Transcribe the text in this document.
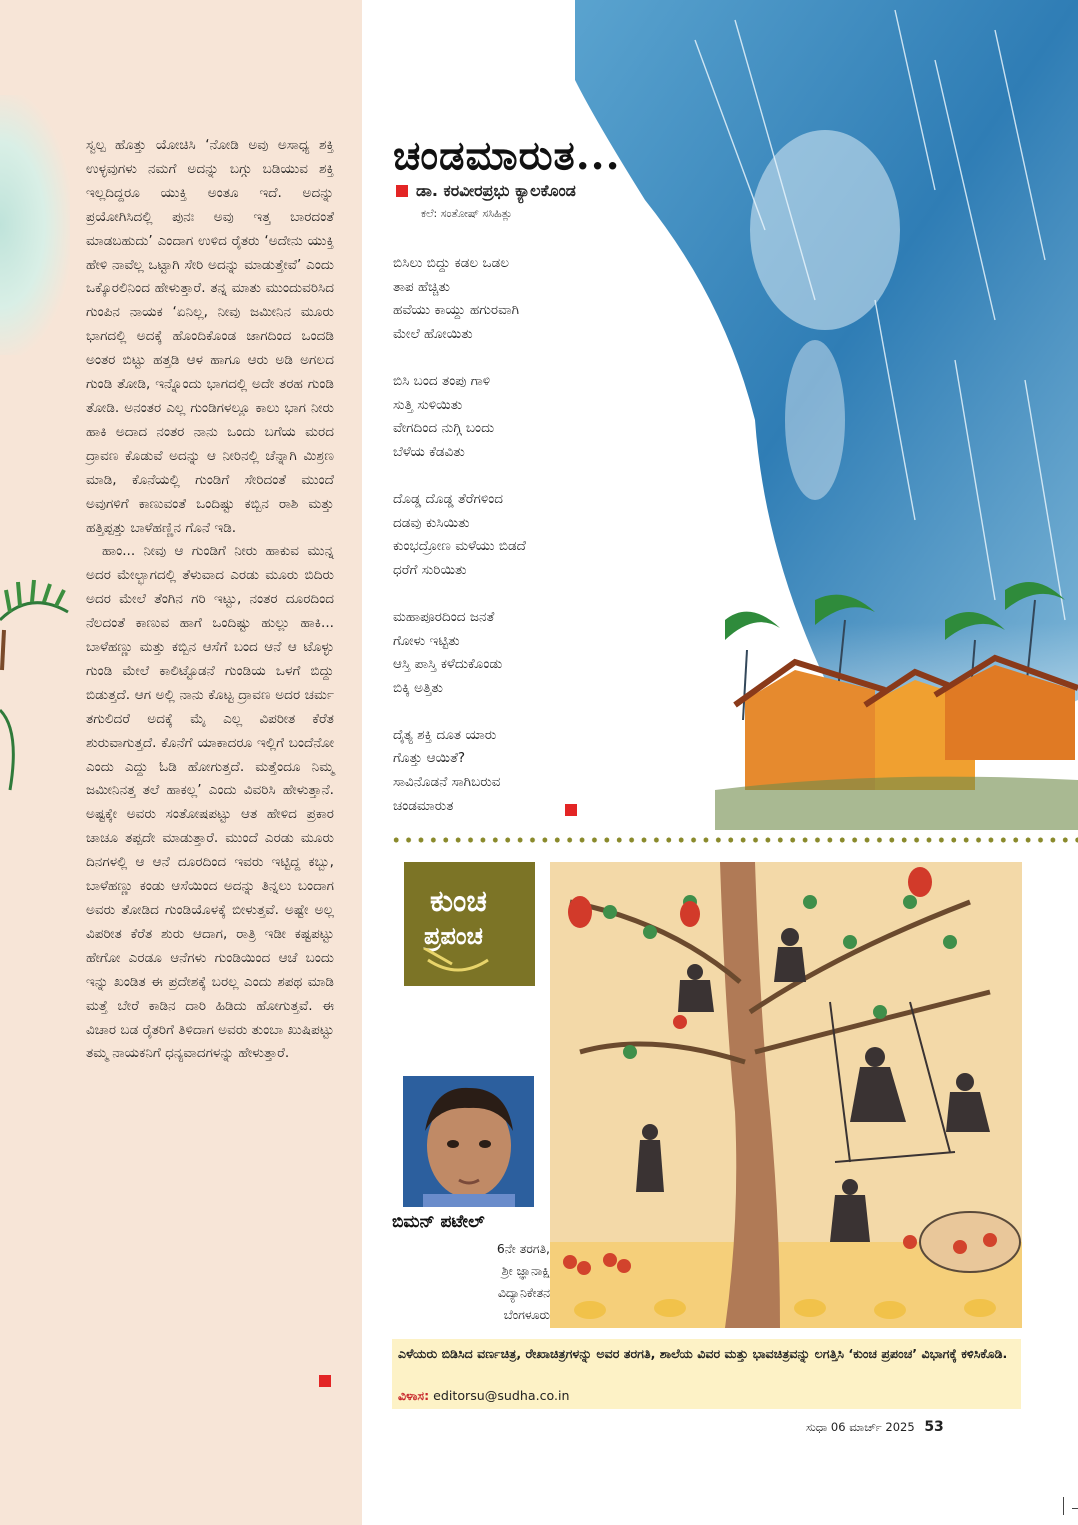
ಸ್ವಲ್ಪ ಹೊತ್ತು ಯೋಚಿಸಿ ‘ನೋಡಿ ಅವು ಅಸಾಧ್ಯ ಶಕ್ತಿ ಉಳ್ಳವುಗಳು ನಮಗೆ ಅದನ್ನು ಬಗ್ಗು ಬಡಿಯುವ ಶಕ್ತಿ ಇಲ್ಲದಿದ್ದರೂ ಯುಕ್ತಿ ಅಂತೂ ಇದೆ. ಅದನ್ನು ಪ್ರಯೋಗಿಸಿದಲ್ಲಿ ಪುನಃ ಅವು ಇತ್ತ ಬಾರದಂತೆ ಮಾಡಬಹುದು’ ಎಂದಾಗ ಉಳಿದ ರೈತರು ‘ಅದೇನು ಯುಕ್ತಿ ಹೇಳಿ ನಾವೆಲ್ಲ ಒಟ್ಟಾಗಿ ಸೇರಿ ಅದನ್ನು ಮಾಡುತ್ತೇವೆ’ ಎಂದು ಒಕ್ಕೊರಲಿನಿಂದ ಹೇಳುತ್ತಾರೆ. ತನ್ನ ಮಾತು ಮುಂದುವರಿಸಿದ ಗುಂಪಿನ ನಾಯಕ ‘ಏನಿಲ್ಲ, ನೀವು ಜಮೀನಿನ ಮೂರು ಭಾಗದಲ್ಲಿ ಅದಕ್ಕೆ ಹೊಂದಿಕೊಂಡ ಜಾಗದಿಂದ ಒಂದಡಿ ಅಂತರ ಬಿಟ್ಟು ಹತ್ತಡಿ ಆಳ ಹಾಗೂ ಆರು ಅಡಿ ಅಗಲದ ಗುಂಡಿ ತೋಡಿ, ಇನ್ನೊಂದು ಭಾಗದಲ್ಲಿ ಅದೇ ತರಹ ಗುಂಡಿ ತೋಡಿ. ಅನಂತರ ಎಲ್ಲ ಗುಂಡಿಗಳಲ್ಲೂ ಕಾಲು ಭಾಗ ನೀರು ಹಾಕಿ ಅದಾದ ನಂತರ ನಾನು ಒಂದು ಬಗೆಯ ಮರದ ದ್ರಾವಣ ಕೊಡುವೆ ಅದನ್ನು ಆ ನೀರಿನಲ್ಲಿ ಚೆನ್ನಾಗಿ ಮಿಶ್ರಣ ಮಾಡಿ, ಕೊನೆಯಲ್ಲಿ ಗುಂಡಿಗೆ ಸೇರಿದಂತೆ ಮುಂದೆ ಅವುಗಳಿಗೆ ಕಾಣುವಂತೆ ಒಂದಿಷ್ಟು ಕಬ್ಬಿನ ರಾಶಿ ಮತ್ತು ಹತ್ತಿಪ್ಪತ್ತು ಬಾಳೆಹಣ್ಣಿನ ಗೊನೆ ಇಡಿ.

ಹಾಂ... ನೀವು ಆ ಗುಂಡಿಗೆ ನೀರು ಹಾಕುವ ಮುನ್ನ ಅದರ ಮೇಲ್ಭಾಗದಲ್ಲಿ ತೆಳುವಾದ ಎರಡು ಮೂರು ಬಿದಿರು ಅದರ ಮೇಲೆ ತೆಂಗಿನ ಗರಿ ಇಟ್ಟು, ನಂತರ ದೂರದಿಂದ ನೆಲದಂತೆ ಕಾಣುವ ಹಾಗೆ ಒಂದಿಷ್ಟು ಹುಲ್ಲು ಹಾಕಿ... ಬಾಳೆಹಣ್ಣು ಮತ್ತು ಕಬ್ಬಿನ ಆಸೆಗೆ ಬಂದ ಆನೆ ಆ ಟೊಳ್ಳು ಗುಂಡಿ ಮೇಲೆ ಕಾಲಿಟ್ಟೊಡನೆ ಗುಂಡಿಯ ಒಳಗೆ ಬಿದ್ದು ಬಿಡುತ್ತದೆ. ಆಗ ಅಲ್ಲಿ ನಾನು ಕೊಟ್ಟ ದ್ರಾವಣ ಅದರ ಚರ್ಮ ತಗುಲಿದರೆ ಅದಕ್ಕೆ ಮೈ ಎಲ್ಲ ವಿಪರೀತ ಕೆರೆತ ಶುರುವಾಗುತ್ತದೆ. ಕೊನೆಗೆ ಯಾಕಾದರೂ ಇಲ್ಲಿಗೆ ಬಂದೆನೋ ಎಂದು ಎದ್ದು ಓಡಿ ಹೋಗುತ್ತದೆ. ಮತ್ತೆಂದೂ ನಿಮ್ಮ ಜಮೀನಿನತ್ತ ತಲೆ ಹಾಕಲ್ಲ’ ಎಂದು ವಿವರಿಸಿ ಹೇಳುತ್ತಾನೆ. ಅಷ್ಟಕ್ಕೇ ಅವರು ಸಂತೋಷಪಟ್ಟು ಆತ ಹೇಳಿದ ಪ್ರಕಾರ ಚಾಚೂ ತಪ್ಪದೇ ಮಾಡುತ್ತಾರೆ. ಮುಂದೆ ಎರಡು ಮೂರು ದಿನಗಳಲ್ಲಿ ಆ ಆನೆ ದೂರದಿಂದ ಇವರು ಇಟ್ಟಿದ್ದ ಕಬ್ಬು, ಬಾಳೆಹಣ್ಣು ಕಂಡು ಆಸೆಯಿಂದ ಅದನ್ನು ತಿನ್ನಲು ಬಂದಾಗ ಅವರು ತೋಡಿದ ಗುಂಡಿಯೊಳಕ್ಕೆ ಬೀಳುತ್ತವೆ. ಅಷ್ಟೇ ಅಲ್ಲ ವಿಪರೀತ ಕೆರೆತ ಶುರು ಆದಾಗ, ರಾತ್ರಿ ಇಡೀ ಕಷ್ಟಪಟ್ಟು ಹೇಗೋ ಎರಡೂ ಆನೆಗಳು ಗುಂಡಿಯಿಂದ ಆಚೆ ಬಂದು ಇನ್ನು ಖಂಡಿತ ಈ ಪ್ರದೇಶಕ್ಕೆ ಬರಲ್ಲ ಎಂದು ಶಪಥ ಮಾಡಿ ಮತ್ತೆ ಬೇರೆ ಕಾಡಿನ ದಾರಿ ಹಿಡಿದು ಹೋಗುತ್ತವೆ. ಈ ವಿಚಾರ ಬಡ ರೈತರಿಗೆ ತಿಳಿದಾಗ ಅವರು ತುಂಬಾ ಖುಷಿಪಟ್ಟು ತಮ್ಮ ನಾಯಕನಿಗೆ ಧನ್ಯವಾದಗಳನ್ನು ಹೇಳುತ್ತಾರೆ.

ಚಂಡಮಾರುತ...
ಡಾ. ಕರವೀರಪ್ರಭು ಕ್ಯಾಲಕೊಂಡ
ಕಲೆ: ಸಂತೋಷ್ ಸಸಿಹಿತ್ಲು
ಬಿಸಿಲು ಬಿದ್ದು ಕಡಲ ಒಡಲ
ತಾಪ ಹೆಚ್ಚಿತು
ಹವೆಯು ಕಾಯ್ದು ಹಗುರವಾಗಿ
ಮೇಲೆ ಹೋಯಿತು
ಬಿಸಿ ಬಂದ ತಂಪು ಗಾಳಿ
ಸುತ್ತಿ ಸುಳಿಯಿತು
ವೇಗದಿಂದ ನುಗ್ಗಿ ಬಂದು
ಬೆಳೆಯ ಕೆಡವಿತು
ದೊಡ್ಡ ದೊಡ್ಡ ತೆರೆಗಳಿಂದ
ದಡವು ಕುಸಿಯಿತು
ಕುಂಭದ್ರೋಣ ಮಳೆಯು ಬಿಡದೆ
ಧರೆಗೆ ಸುರಿಯಿತು
ಮಹಾಪೂರದಿಂದ ಜನತೆ
ಗೋಳು ಇಟ್ಟಿತು
ಆಸ್ತಿ ಪಾಸ್ತಿ ಕಳೆದುಕೊಂಡು
ಬಿಕ್ಕಿ ಅತ್ತಿತು
ದೈತ್ಯ ಶಕ್ತಿ ದೂತ ಯಾರು
ಗೊತ್ತು ಆಯಿತೆ?
ಸಾವಿನೊಡನೆ ಸಾಗಿಬರುವ
ಚಂಡಮಾರುತ
ಕುಂಚ
ಪ್ರಪಂಚ
ಬಿಮನ್ ಪಟೇಲ್
6ನೇ ತರಗತಿ,
ಶ್ರೀ ಜ್ಞಾನಾಕ್ಷಿ
ವಿದ್ಯಾನಿಕೇತನ
ಬೆಂಗಳೂರು
ಎಳೆಯರು ಬಿಡಿಸಿದ ವರ್ಣಚಿತ್ರ, ರೇಖಾಚಿತ್ರಗಳನ್ನು ಅವರ ತರಗತಿ, ಶಾಲೆಯ ವಿವರ ಮತ್ತು ಭಾವಚಿತ್ರವನ್ನು ಲಗತ್ತಿಸಿ ‘ಕುಂಚ ಪ್ರಪಂಚ’ ವಿಭಾಗಕ್ಕೆ ಕಳಿಸಿಕೊಡಿ.
ವಿಳಾಸ: editorsu@sudha.co.in
ಸುಧಾ 06 ಮಾರ್ಚ್ 2025 53
